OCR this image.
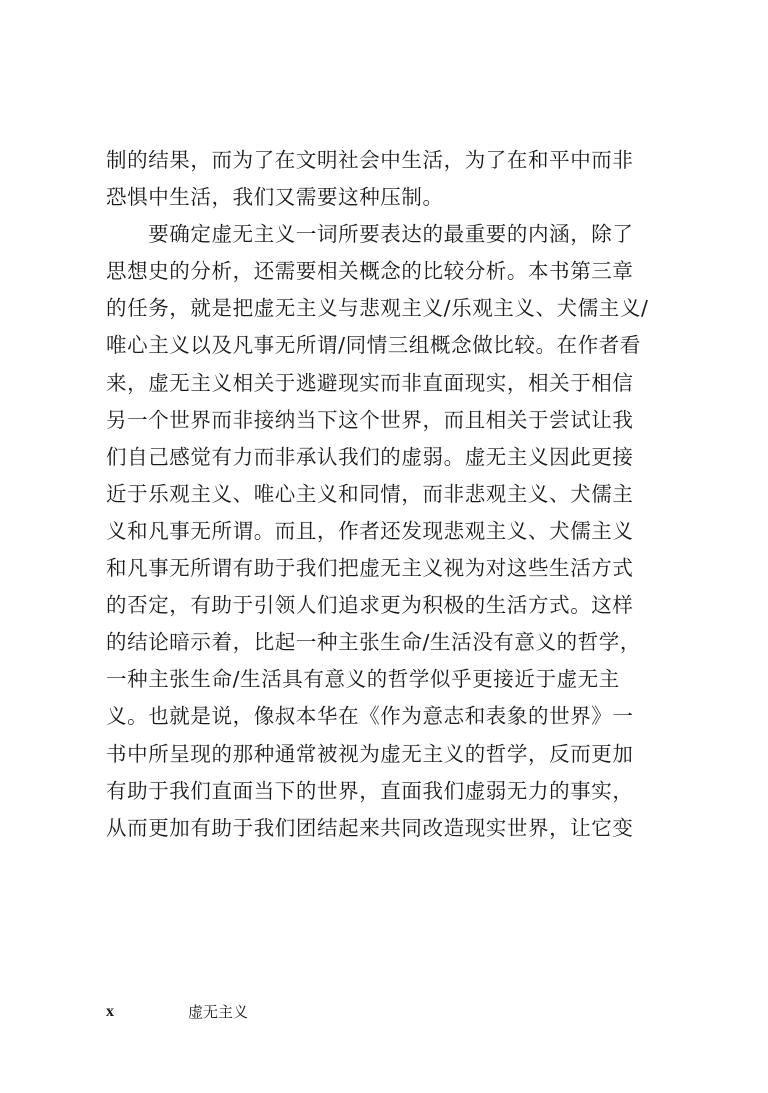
制的结果，而为了在文明社会中生活，为了在和平中而非
恐惧中生活，我们又需要这种压制。
　　要确定虚无主义一词所要表达的最重要的内涵，除了
思想史的分析，还需要相关概念的比较分析。本书第三章
的任务，就是把虚无主义与悲观主义/乐观主义、犬儒主义/
唯心主义以及凡事无所谓/同情三组概念做比较。在作者看
来，虚无主义相关于逃避现实而非直面现实，相关于相信
另一个世界而非接纳当下这个世界，而且相关于尝试让我
们自己感觉有力而非承认我们的虚弱。虚无主义因此更接
近于乐观主义、唯心主义和同情，而非悲观主义、犬儒主
义和凡事无所谓。而且，作者还发现悲观主义、犬儒主义
和凡事无所谓有助于我们把虚无主义视为对这些生活方式
的否定，有助于引领人们追求更为积极的生活方式。这样
的结论暗示着，比起一种主张生命/生活没有意义的哲学，
一种主张生命/生活具有意义的哲学似乎更接近于虚无主
义。也就是说，像叔本华在《作为意志和表象的世界》一
书中所呈现的那种通常被视为虚无主义的哲学，反而更加
有助于我们直面当下的世界，直面我们虚弱无力的事实，
从而更加有助于我们团结起来共同改造现实世界，让它变
x	虚无主义
